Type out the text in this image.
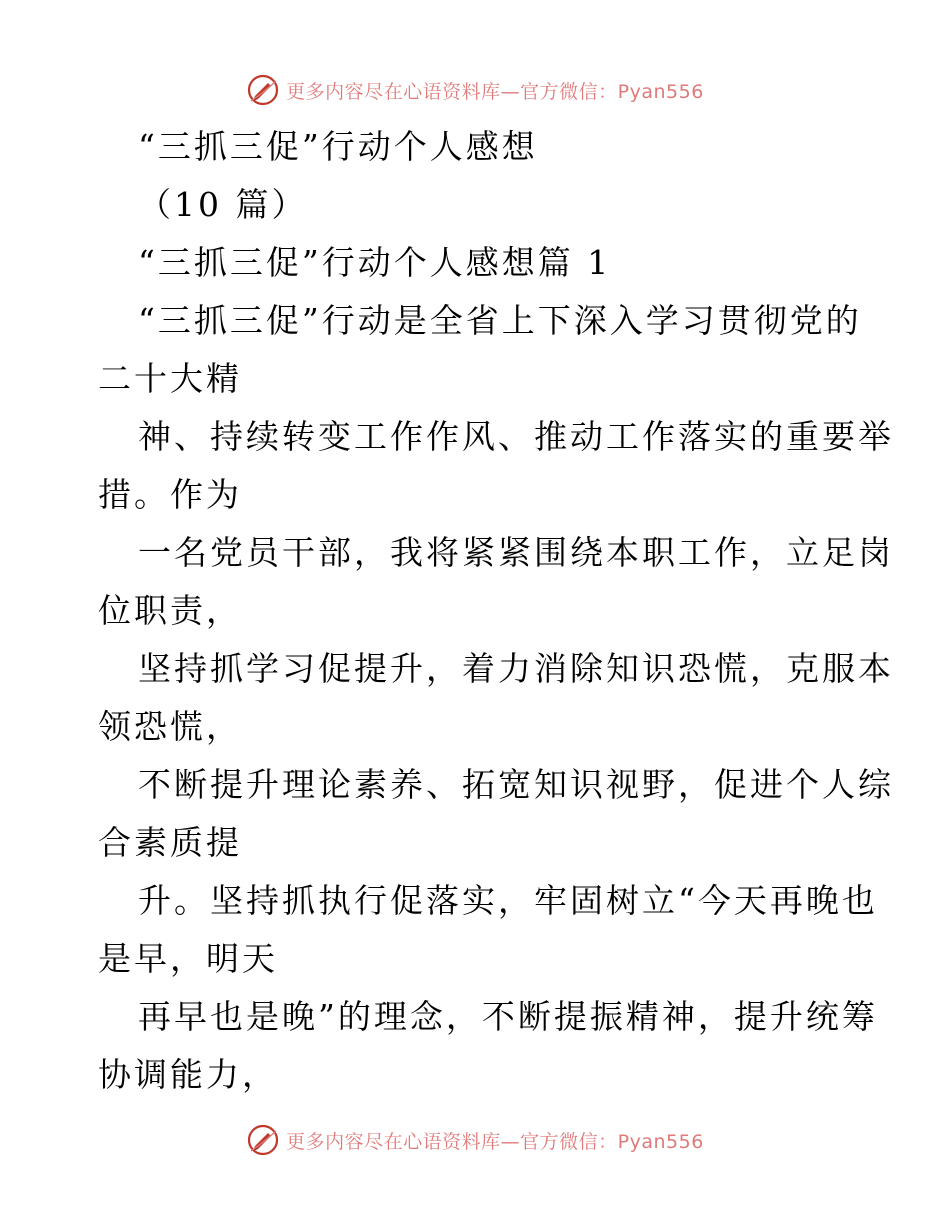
更多内容尽在心语资料库—官方微信：Pyan556
“三抓三促”行动个人感想
（10 篇）
“三抓三促”行动个人感想篇 1
“三抓三促”行动是全省上下深入学习贯彻党的
二十大精
神、持续转变工作作风、推动工作落实的重要举
措。作为
一名党员干部，我将紧紧围绕本职工作，立足岗
位职责，
坚持抓学习促提升，着力消除知识恐慌，克服本
领恐慌，
不断提升理论素养、拓宽知识视野，促进个人综
合素质提
升。坚持抓执行促落实，牢固树立“今天再晚也
是早，明天
再早也是晚”的理念，不断提振精神，提升统筹
协调能力，
更多内容尽在心语资料库—官方微信：Pyan556
